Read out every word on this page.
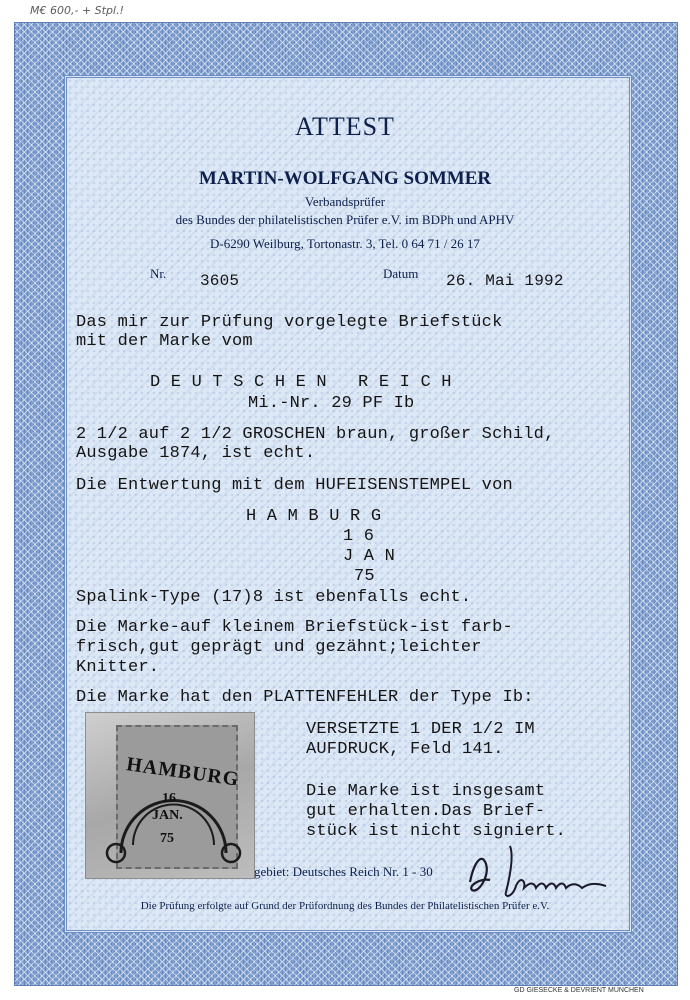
M€ 600,- + Stpl.!
ATTEST
MARTIN-WOLFGANG SOMMER
Verbandsprüfer
des Bundes der philatelistischen Prüfer e.V. im BDPh und APHV
D-6290 Weilburg, Tortonastr. 3, Tel. 0 64 71 / 26 17
Nr. 3605	Datum 26. Mai 1992
Das mir zur Prüfung vorgelegte Briefstück
mit der Marke vom
D E U T S C H E N   R E I C H
Mi.-Nr. 29 PF Ib
2 1/2 auf 2 1/2 GROSCHEN braun, großer Schild,
Ausgabe 1874, ist echt.
Die Entwertung mit dem HUFEISENSTEMPEL von
H A M B U R G
1 6
J A N
75
Spalink-Type (17)8 ist ebenfalls echt.
Die Marke-auf kleinem Briefstück-ist farb-
frisch,gut geprägt und gezähnt;leichter
Knitter.
Die Marke hat den PLATTENFEHLER der Type Ib:
VERSETZTE 1 DER 1/2 IM
AUFDRUCK, Feld 141.
Die Marke ist insgesamt
gut erhalten.Das Brief-
stück ist nicht signiert.
HAMBURG
16
JAN.
75
gebiet: Deutsches Reich Nr. 1 - 30
Die Prüfung erfolgte auf Grund der Prüfordnung des Bundes der Philatelistischen Prüfer e.V.
GD GIESECKE & DEVRIENT MÜNCHEN
